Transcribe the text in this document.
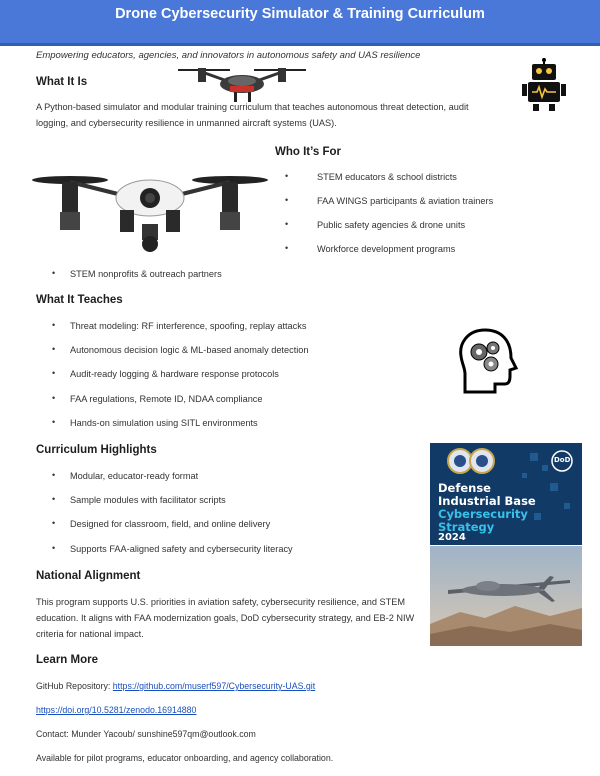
Drone Cybersecurity Simulator & Training Curriculum
Empowering educators, agencies, and innovators in autonomous safety and UAS resilience
What It Is
A Python-based simulator and modular training curriculum that teaches autonomous threat detection, audit logging, and cybersecurity resilience in unmanned aircraft systems (UAS).
Who It’s For
• STEM educators & school districts
• FAA WINGS participants & aviation trainers
• Public safety agencies & drone units
• Workforce development programs
• STEM nonprofits & outreach partners
What It Teaches
• Threat modeling: RF interference, spoofing, replay attacks
• Autonomous decision logic & ML-based anomaly detection
• Audit-ready logging & hardware response protocols
• FAA regulations, Remote ID, NDAA compliance
• Hands-on simulation using SITL environments
Curriculum Highlights
• Modular, educator-ready format
• Sample modules with facilitator scripts
• Designed for classroom, field, and online delivery
• Supports FAA-aligned safety and cybersecurity literacy
DoD
Defense
Industrial Base
Cybersecurity
Strategy
2024
National Alignment
This program supports U.S. priorities in aviation safety, cybersecurity resilience, and STEM education. It aligns with FAA modernization goals, DoD cybersecurity strategy, and EB-2 NIW criteria for national impact.
Learn More
GitHub Repository: https://github.com/muserf597/Cybersecurity-UAS.git
https://doi.org/10.5281/zenodo.16914880
Contact: Munder Yacoub/ sunshine597qm@outlook.com
Available for pilot programs, educator onboarding, and agency collaboration.
